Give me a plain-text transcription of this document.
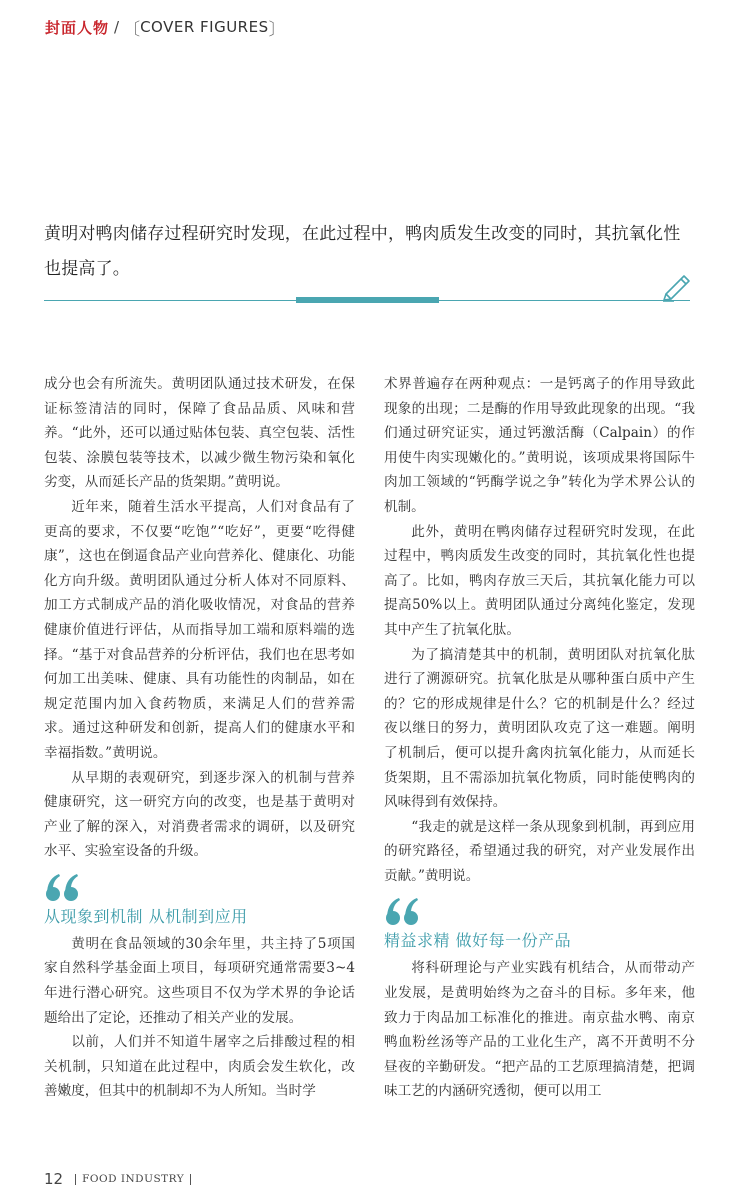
封面人物 / 〔 COVER FIGURES 〕
黄明对鸭肉储存过程研究时发现，在此过程中，鸭肉质发生改变的同时，其抗氧化性也提高了。

成分也会有所流失。黄明团队通过技术研发，在保证标签清洁的同时，保障了食品品质、风味和营养。“此外，还可以通过贴体包装、真空包装、活性包装、涂膜包装等技术，以减少微生物污染和氧化劣变，从而延长产品的货架期。”黄明说。

近年来，随着生活水平提高，人们对食品有了更高的要求，不仅要“吃饱”“吃好”，更要“吃得健康”，这也在倒逼食品产业向营养化、健康化、功能化方向升级。黄明团队通过分析人体对不同原料、加工方式制成产品的消化吸收情况，对食品的营养健康价值进行评估，从而指导加工端和原料端的选择。“基于对食品营养的分析评估，我们也在思考如何加工出美味、健康、具有功能性的肉制品，如在规定范围内加入食药物质，来满足人们的营养需求。通过这种研发和创新，提高人们的健康水平和幸福指数。”黄明说。

从早期的表观研究，到逐步深入的机制与营养健康研究，这一研究方向的改变，也是基于黄明对产业了解的深入，对消费者需求的调研，以及研究水平、实验室设备的升级。

从现象到机制 从机制到应用

黄明在食品领域的30余年里，共主持了5项国家自然科学基金面上项目，每项研究通常需要3~4年进行潜心研究。这些项目不仅为学术界的争论话题给出了定论，还推动了相关产业的发展。

以前，人们并不知道牛屠宰之后排酸过程的相关机制，只知道在此过程中，肉质会发生软化，改善嫩度，但其中的机制却不为人所知。当时学

术界普遍存在两种观点：一是钙离子的作用导致此现象的出现；二是酶的作用导致此现象的出现。“我们通过研究证实，通过钙激活酶（Calpain）的作用使牛肉实现嫩化的。”黄明说，该项成果将国际牛肉加工领域的“钙酶学说之争”转化为学术界公认的机制。

此外，黄明在鸭肉储存过程研究时发现，在此过程中，鸭肉质发生改变的同时，其抗氧化性也提高了。比如，鸭肉存放三天后，其抗氧化能力可以提高50%以上。黄明团队通过分离纯化鉴定，发现其中产生了抗氧化肽。

为了搞清楚其中的机制，黄明团队对抗氧化肽进行了溯源研究。抗氧化肽是从哪种蛋白质中产生的？它的形成规律是什么？它的机制是什么？经过夜以继日的努力，黄明团队攻克了这一难题。阐明了机制后，便可以提升禽肉抗氧化能力，从而延长货架期，且不需添加抗氧化物质，同时能使鸭肉的风味得到有效保持。

“我走的就是这样一条从现象到机制，再到应用的研究路径，希望通过我的研究，对产业发展作出贡献。”黄明说。

精益求精 做好每一份产品

将科研理论与产业实践有机结合，从而带动产业发展，是黄明始终为之奋斗的目标。多年来，他致力于肉品加工标准化的推进。南京盐水鸭、南京鸭血粉丝汤等产品的工业化生产，离不开黄明不分昼夜的辛勤研发。“把产品的工艺原理搞清楚，把调味工艺的内涵研究透彻，便可以用工

12 FOOD INDUSTRY
